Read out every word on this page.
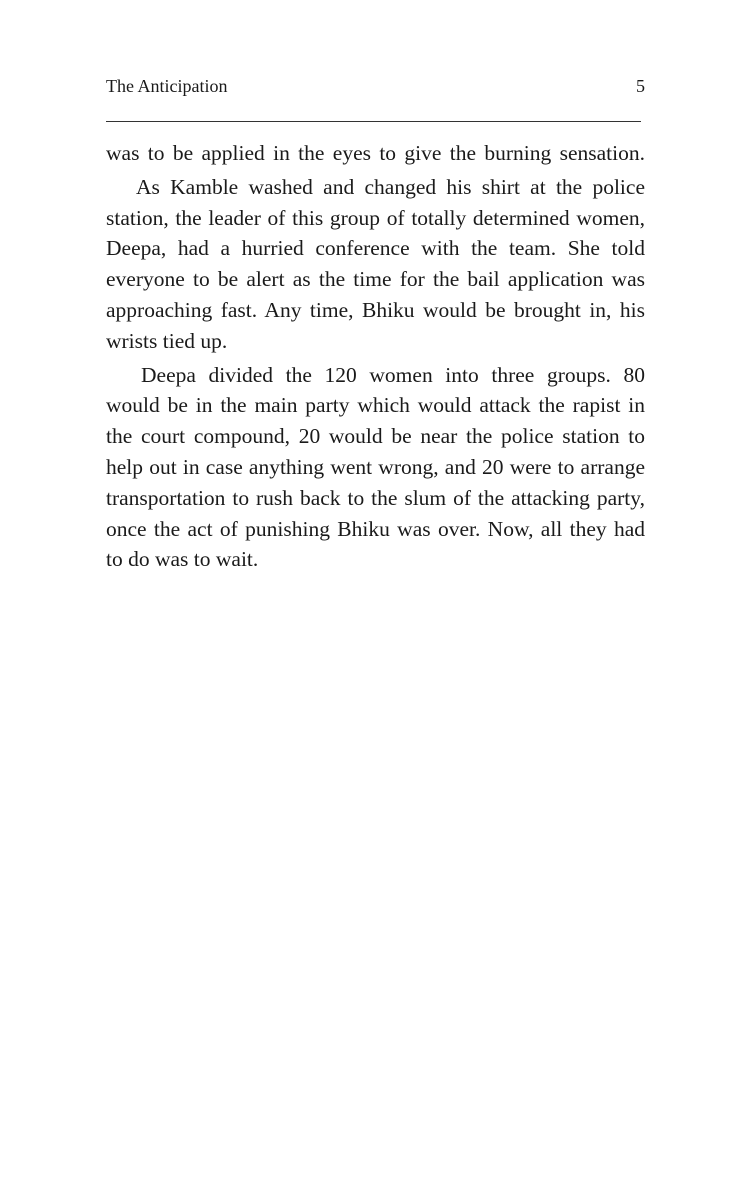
The Anticipation	5

was to be applied in the eyes to give the burning sensation.

As Kamble washed and changed his shirt at the police station, the leader of this group of totally determined women, Deepa, had a hurried conference with the team. She told everyone to be alert as the time for the bail application was approaching fast. Any time, Bhiku would be brought in, his wrists tied up.

Deepa divided the 120 women into three groups. 80 would be in the main party which would attack the rapist in the court compound, 20 would be near the police station to help out in case anything went wrong, and 20 were to arrange transportation to rush back to the slum of the attacking party, once the act of punishing Bhiku was over. Now, all they had to do was to wait.
